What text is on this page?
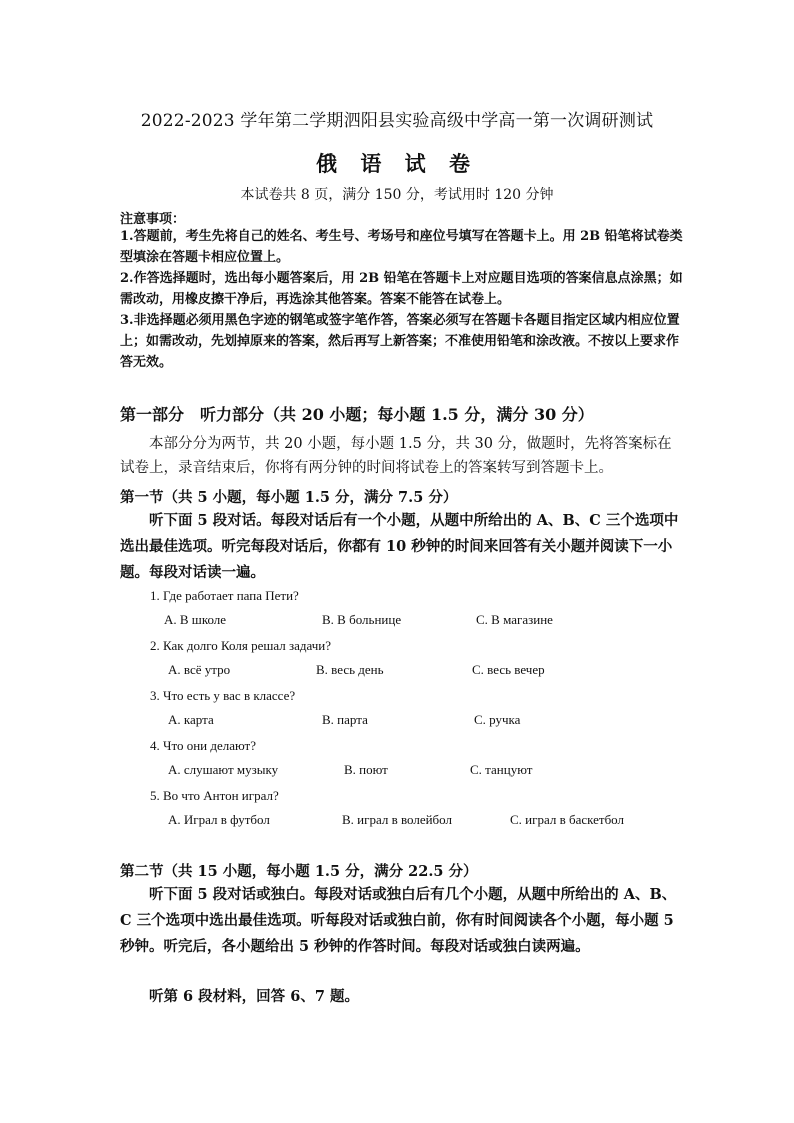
2022-2023 学年第二学期泗阳县实验高级中学高一第一次调研测试
俄 语 试 卷
本试卷共 8 页，满分 150 分，考试用时 120 分钟
注意事项：
1.答题前，考生先将自己的姓名、考生号、考场号和座位号填写在答题卡上。用 2B 铅笔将试卷类型填涂在答题卡相应位置上。
2.作答选择题时，选出每小题答案后，用 2B 铅笔在答题卡上对应题目选项的答案信息点涂黑；如需改动，用橡皮擦干净后，再选涂其他答案。答案不能答在试卷上。
3.非选择题必须用黑色字迹的钢笔或签字笔作答，答案必须写在答题卡各题目指定区域内相应位置上；如需改动，先划掉原来的答案，然后再写上新答案；不准使用铅笔和涂改液。不按以上要求作答无效。
第一部分　听力部分（共 20 小题；每小题 1.5 分，满分 30 分）
本部分分为两节，共 20 小题，每小题 1.5 分，共 30 分，做题时，先将答案标在试卷上，录音结束后，你将有两分钟的时间将试卷上的答案转写到答题卡上。
第一节（共 5 小题，每小题 1.5 分，满分 7.5 分）
听下面 5 段对话。每段对话后有一个小题，从题中所给出的 A、B、C 三个选项中选出最佳选项。听完每段对话后，你都有 10 秒钟的时间来回答有关小题并阅读下一小题。每段对话读一遍。
1. Где работает папа Пети?
A. В школе	B. В больнице	C. В магазине
2. Как долго Коля решал задачи?
A. всё утро	B. весь день	C. весь вечер
3. Что есть у вас в классе?
A. карта	B. парта	C. ручка
4. Что они делают?
A. слушают музыку	B. поют	C. танцуют
5. Во что Антон играл?
A. Играл в футбол	B. играл в волейбол	C. играл в баскетбол
第二节（共 15 小题，每小题 1.5 分，满分 22.5 分）
听下面 5 段对话或独白。每段对话或独白后有几个小题，从题中所给出的 A、B、C 三个选项中选出最佳选项。听每段对话或独白前，你有时间阅读各个小题，每小题 5 秒钟。听完后，各小题给出 5 秒钟的作答时间。每段对话或独白读两遍。
听第 6 段材料，回答 6、7 题。
